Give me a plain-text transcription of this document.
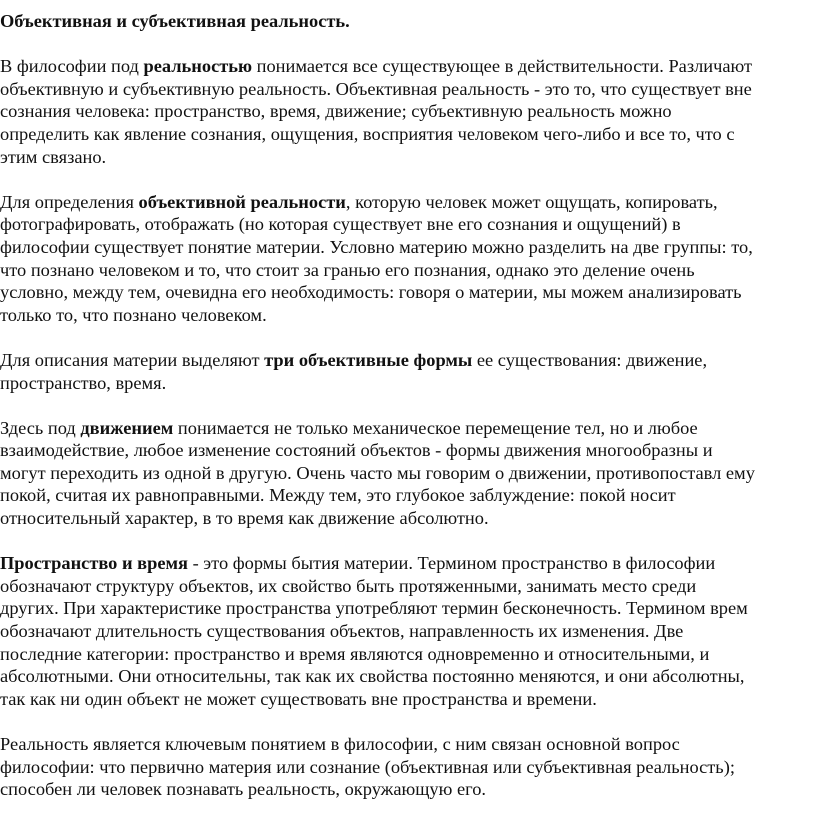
Объективная и субъективная реальность.
В философии под реальностью понимается все существующее в действительности. Различают
объективную и субъективную реальность. Объективная реальность - это то, что существует вне
сознания человека: пространство, время, движение; субъективную реальность можно
определить как явление сознания, ощущения, восприятия человеком чего-либо и все то, что с
этим связано.
Для определения объективной реальности, которую человек может ощущать, копировать,
фотографировать, отображать (но которая существует вне его сознания и ощущений) в
философии существует понятие материи. Условно материю можно разделить на две группы: то,
что познано человеком и то, что стоит за гранью его познания, однако это деление очень
условно, между тем, очевидна его необходимость: говоря о материи, мы можем анализировать
только то, что познано человеком.
Для описания материи выделяют три объективные формы ее существования: движение,
пространство, время.
Здесь под движением понимается не только механическое перемещение тел, но и любое
взаимодействие, любое изменение состояний объектов - формы движения многообразны и
могут переходить из одной в другую. Очень часто мы говорим о движении, противопоставл ему
покой, считая их равноправными. Между тем, это глубокое заблуждение: покой носит
относительный характер, в то время как движение абсолютно.
Пространство и время - это формы бытия материи. Термином пространство в философии
обозначают структуру объектов, их свойство быть протяженными, занимать место среди
других. При характеристике пространства употребляют термин бесконечность. Термином врем
обозначают длительность существования объектов, направленность их изменения. Две
последние категории: пространство и время являются одновременно и относительными, и
абсолютными. Они относительны, так как их свойства постоянно меняются, и они абсолютны,
так как ни один объект не может существовать вне пространства и времени.
Реальность является ключевым понятием в философии, с ним связан основной вопрос
философии: что первично материя или сознание (объективная или субъективная реальность);
способен ли человек познавать реальность, окружающую его.
